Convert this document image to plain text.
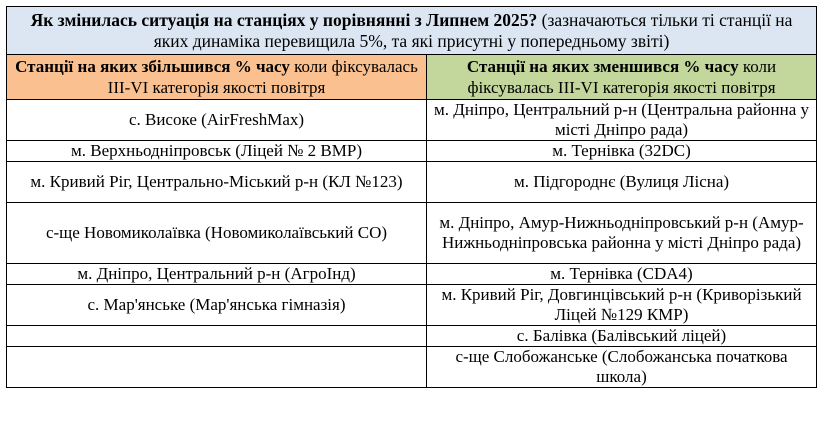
Як змінилась ситуація на станціях у порівнянні з Липнем 2025? (зазначаються тільки ті станції на яких динаміка перевищила 5%, та які присутні у попередньому звіті)	
Станції на яких збільшився % часу коли фіксувалась ІІІ-VI категорія якості повітря	Станції на яких зменшився % часу коли фіксувалась ІІІ-VI категорія якості повітря
с. Високе (AirFreshMax)	м. Дніпро, Центральний р-н (Центральна районна у місті Дніпро рада)
м. Верхньодніпровськ (Ліцей № 2 ВМР)	м. Тернівка (32DC)
м. Кривий Ріг, Центрально-Міський р-н (КЛ №123)	м. Підгороднє (Вулиця Лісна)
с-ще Новомиколаївка (Новомиколаївський СО)	м. Дніпро, Амур-Нижньодніпровський р-н (Амур-Нижньодніпровська районна у місті Дніпро рада)
м. Дніпро, Центральний р-н (АгроІнд)	м. Тернівка (CDA4)
с. Мар'янське (Мар'янська гімназія)	м. Кривий Ріг, Довгинцівський р-н (Криворізький Ліцей №129 КМР)
	с. Балівка (Балівський ліцей)
	с-ще Слобожанське (Слобожанська початкова школа)
